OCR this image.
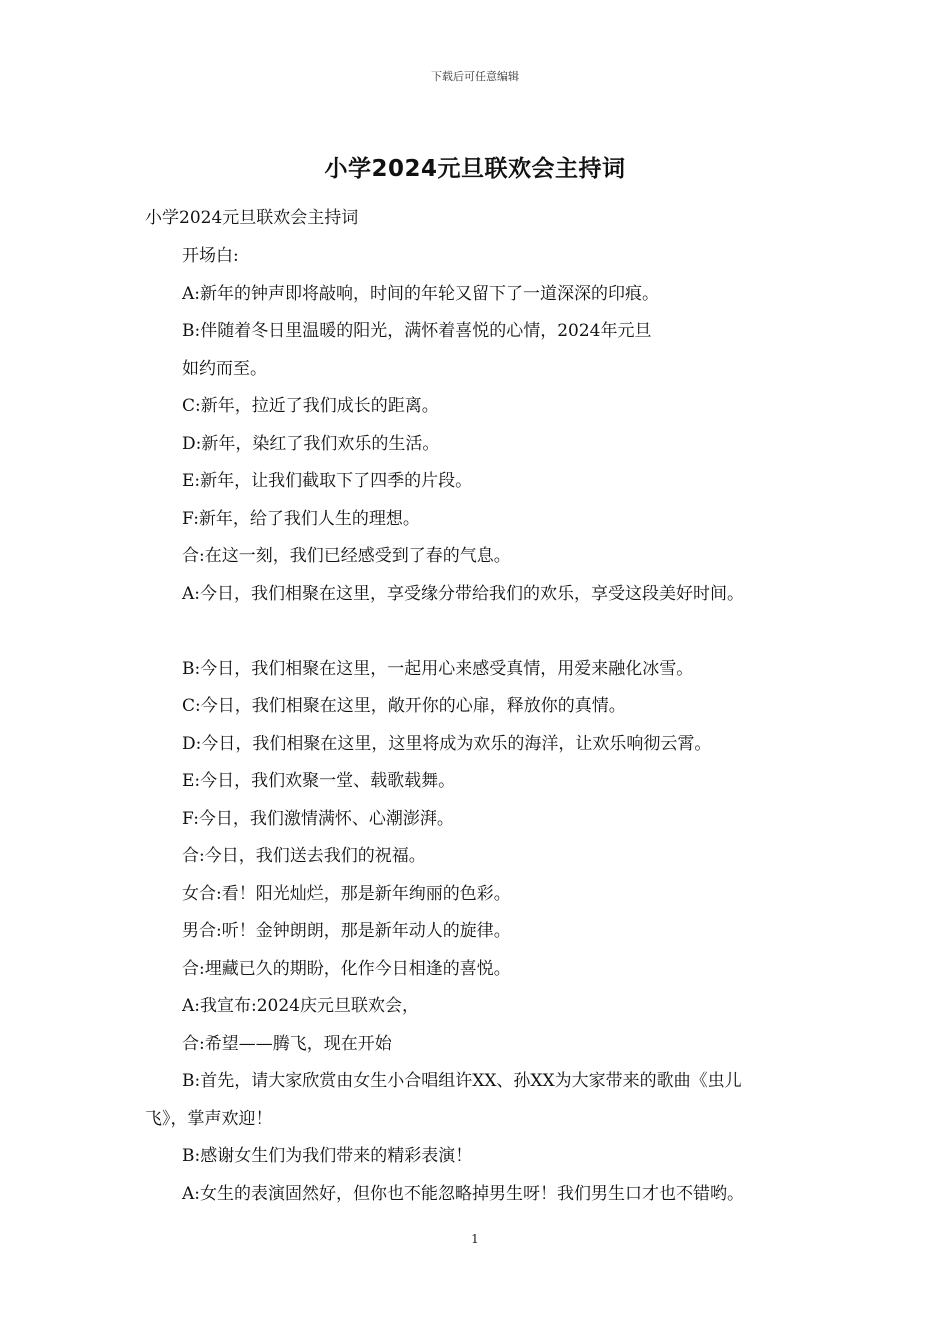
下载后可任意编辑
小学2024元旦联欢会主持词
小学2024元旦联欢会主持词

开场白:

A:新年的钟声即将敲响，时间的年轮又留下了一道深深的印痕。

B:伴随着冬日里温暖的阳光，满怀着喜悦的心情，2024年元旦

如约而至。

C:新年，拉近了我们成长的距离。

D:新年，染红了我们欢乐的生活。

E:新年，让我们截取下了四季的片段。

F:新年，给了我们人生的理想。

合:在这一刻，我们已经感受到了春的气息。

A:今日，我们相聚在这里，享受缘分带给我们的欢乐，享受这段美好时间。

B:今日，我们相聚在这里，一起用心来感受真情，用爱来融化冰雪。

C:今日，我们相聚在这里，敞开你的心扉，释放你的真情。

D:今日，我们相聚在这里，这里将成为欢乐的海洋，让欢乐响彻云霄。

E:今日，我们欢聚一堂、载歌载舞。

F:今日，我们激情满怀、心潮澎湃。

合:今日，我们送去我们的祝福。

女合:看！阳光灿烂，那是新年绚丽的色彩。

男合:听！金钟朗朗，那是新年动人的旋律。

合:埋藏已久的期盼，化作今日相逢的喜悦。

A:我宣布:2024庆元旦联欢会，

合:希望——腾飞，现在开始

B:首先，请大家欣赏由女生小合唱组许XX、孙XX为大家带来的歌曲《虫儿

飞》，掌声欢迎！

B:感谢女生们为我们带来的精彩表演！

A:女生的表演固然好，但你也不能忽略掉男生呀！我们男生口才也不错哟。

1
